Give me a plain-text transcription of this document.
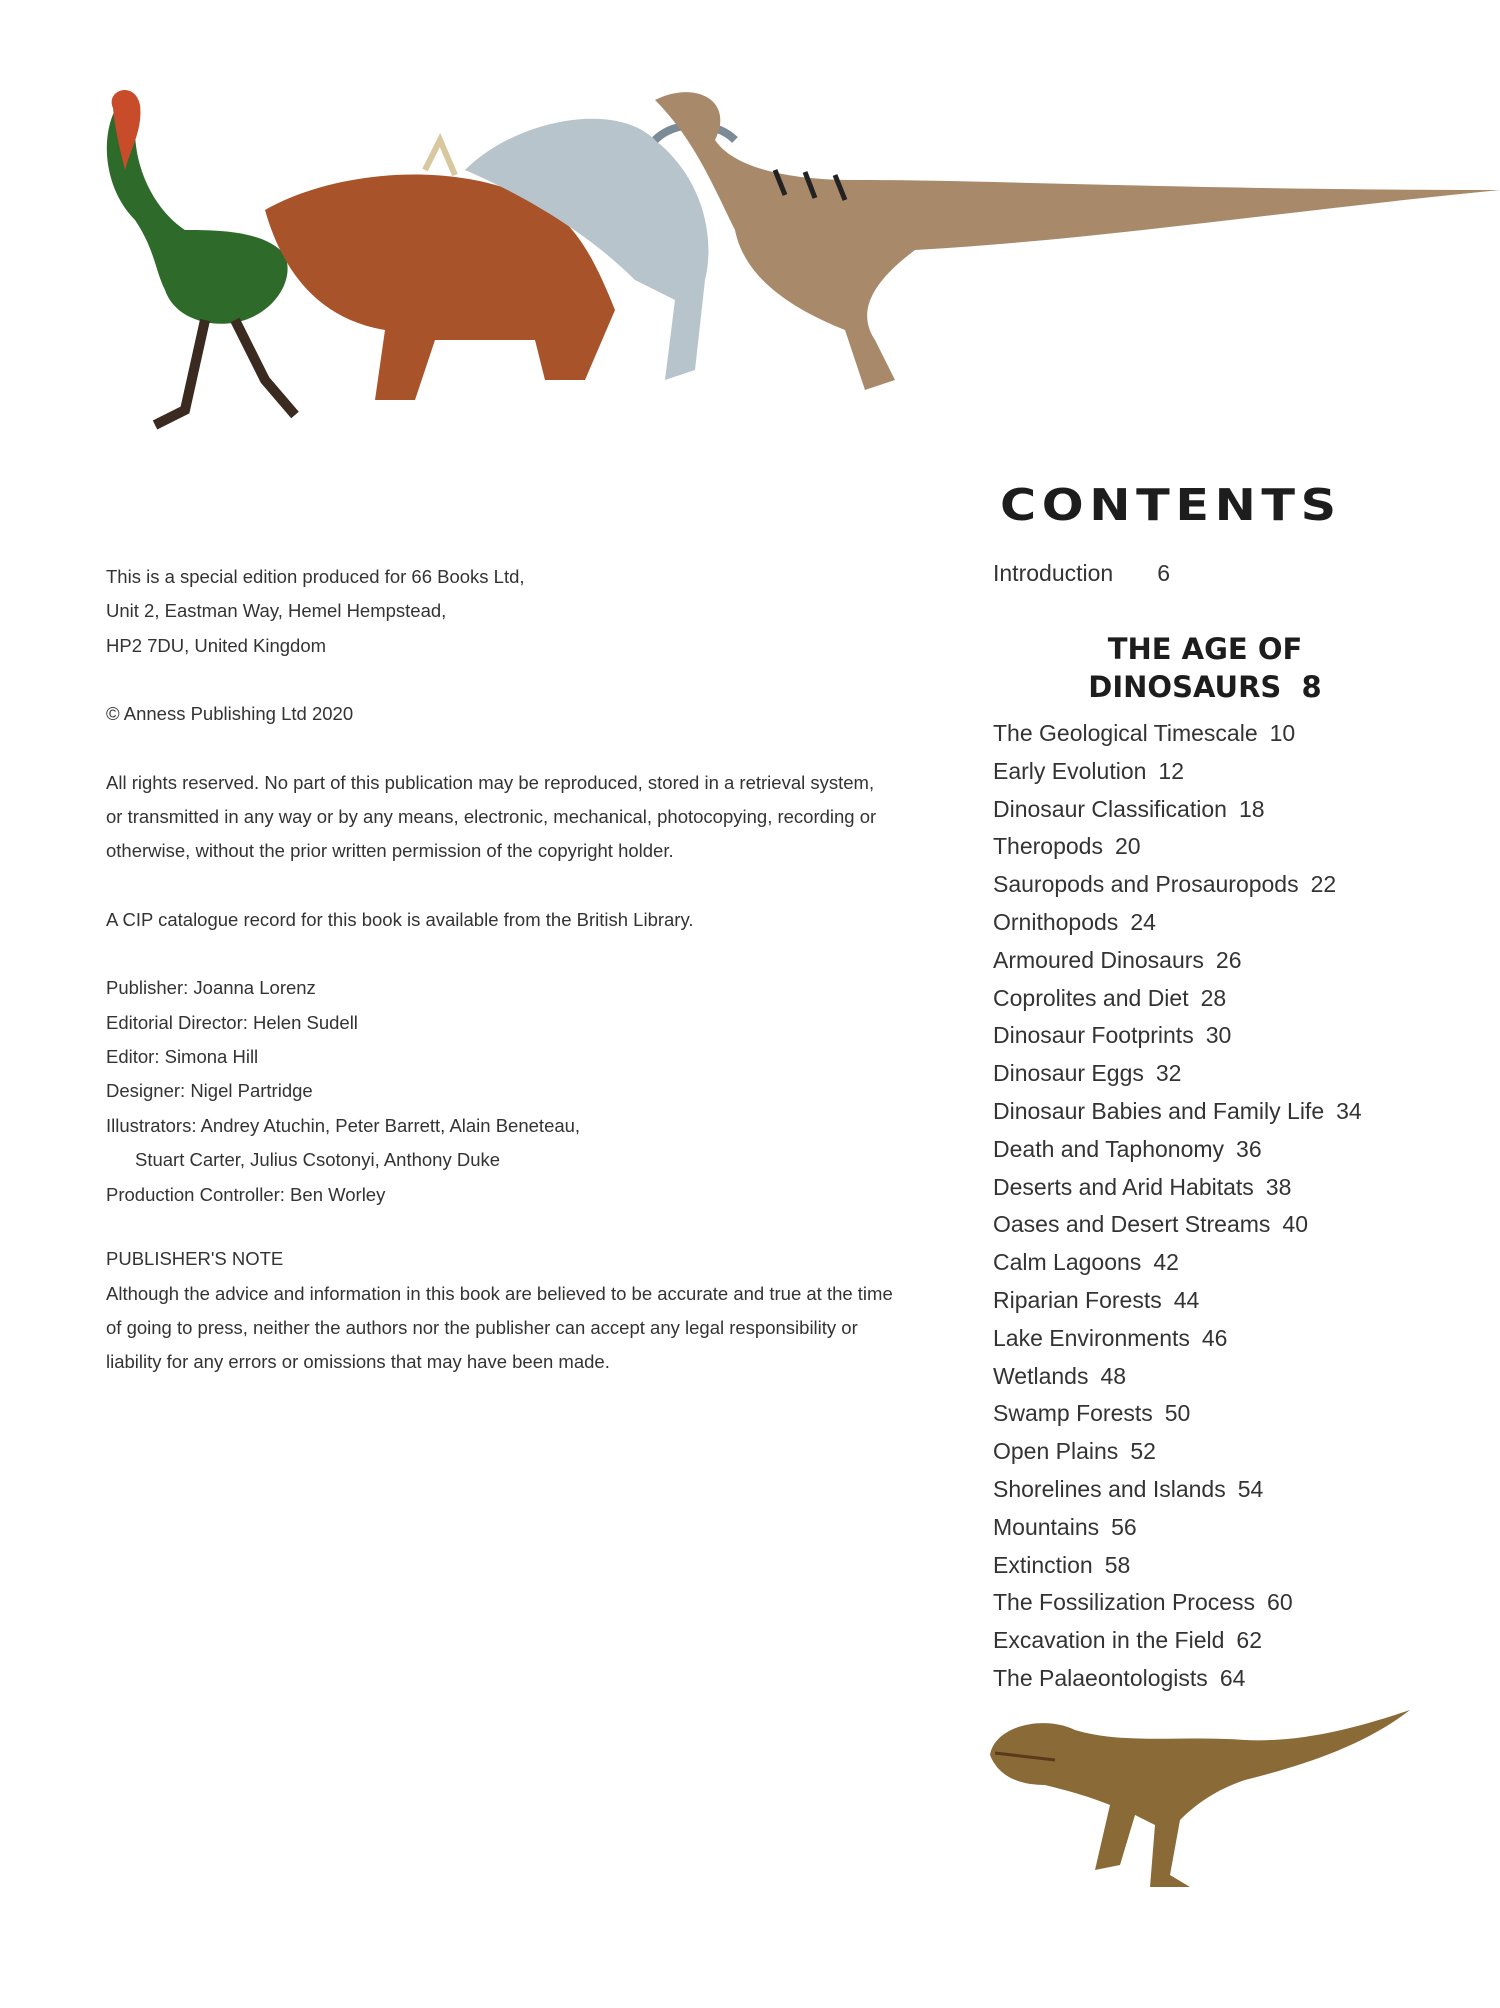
This is a special edition produced for 66 Books Ltd,
Unit 2, Eastman Way, Hemel Hempstead,
HP2 7DU, United Kingdom

© Anness Publishing Ltd 2020

All rights reserved. No part of this publication may be reproduced, stored in a retrieval system,
or transmitted in any way or by any means, electronic, mechanical, photocopying, recording or
otherwise, without the prior written permission of the copyright holder.

A CIP catalogue record for this book is available from the British Library.

Publisher: Joanna Lorenz
Editorial Director: Helen Sudell
Editor: Simona Hill
Designer: Nigel Partridge
Illustrators: Andrey Atuchin, Peter Barrett, Alain Beneteau,
Stuart Carter, Julius Csotonyi, Anthony Duke
Production Controller: Ben Worley

PUBLISHER'S NOTE
Although the advice and information in this book are believed to be accurate and true at the time
of going to press, neither the authors nor the publisher can accept any legal responsibility or
liability for any errors or omissions that may have been made.

CONTENTS
Introduction 6
THE AGE OF
DINOSAURS 8
The Geological Timescale 10
Early Evolution 12
Dinosaur Classification 18
Theropods 20
Sauropods and Prosauropods 22
Ornithopods 24
Armoured Dinosaurs 26
Coprolites and Diet 28
Dinosaur Footprints 30
Dinosaur Eggs 32
Dinosaur Babies and Family Life 34
Death and Taphonomy 36
Deserts and Arid Habitats 38
Oases and Desert Streams 40
Calm Lagoons 42
Riparian Forests 44
Lake Environments 46
Wetlands 48
Swamp Forests 50
Open Plains 52
Shorelines and Islands 54
Mountains 56
Extinction 58
The Fossilization Process 60
Excavation in the Field 62
The Palaeontologists 64
